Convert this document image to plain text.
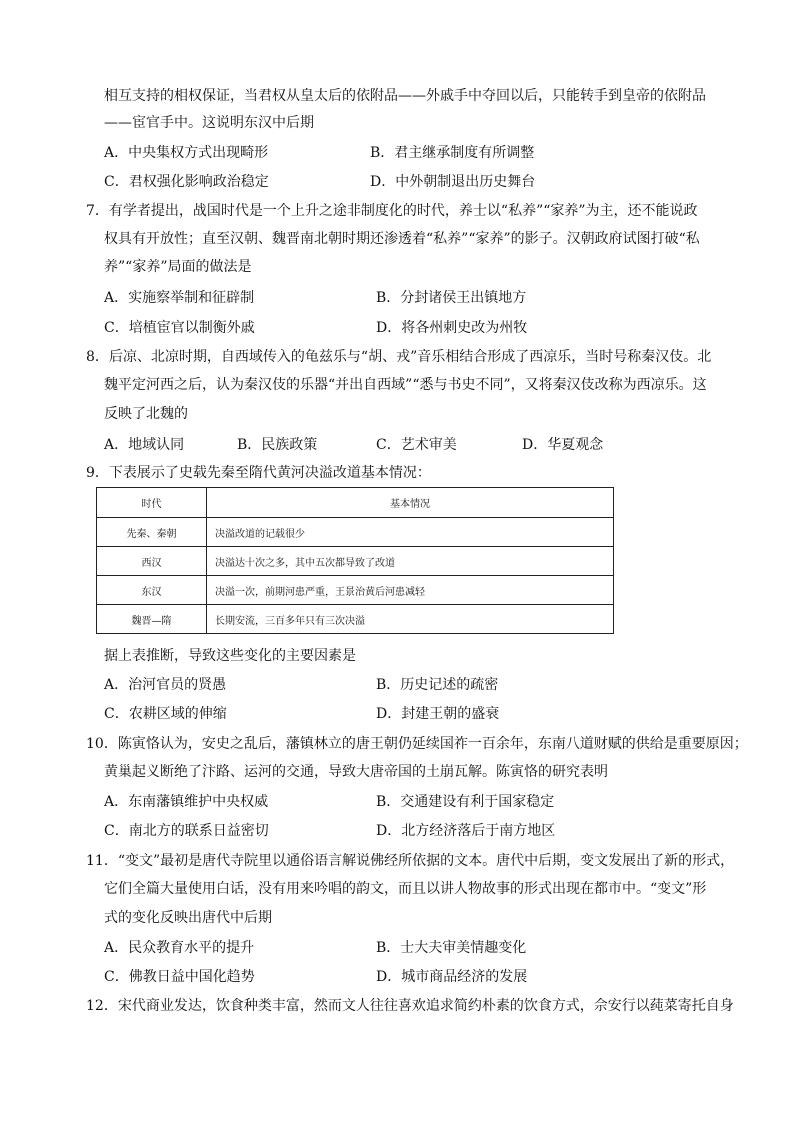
相互支持的相权保证，当君权从皇太后的依附品——外戚手中夺回以后，只能转手到皇帝的依附品
——宦官手中。这说明东汉中后期
A．中央集权方式出现畸形	B．君主继承制度有所调整
C．君权强化影响政治稳定	D．中外朝制退出历史舞台
7．有学者提出，战国时代是一个上升之途非制度化的时代，养士以“私养”“家养”为主，还不能说政
权具有开放性；直至汉朝、魏晋南北朝时期还渗透着“私养”“家养”的影子。汉朝政府试图打破“私
养”“家养”局面的做法是
A．实施察举制和征辟制	B．分封诸侯王出镇地方
C．培植宦官以制衡外戚	D．将各州刺史改为州牧
8．后凉、北凉时期，自西域传入的龟兹乐与“胡、戎”音乐相结合形成了西凉乐，当时号称秦汉伎。北
魏平定河西之后，认为秦汉伎的乐器“并出自西域”“悉与书史不同”，又将秦汉伎改称为西凉乐。这
反映了北魏的
A．地域认同	B．民族政策	C．艺术审美	D．华夏观念
9．下表展示了史载先秦至隋代黄河决溢改道基本情况：
时代	基本情况
先秦、秦朝	决溢改道的记载很少
西汉	决溢达十次之多，其中五次都导致了改道
东汉	决溢一次，前期河患严重，王景治黄后河患减轻
魏晋—隋	长期安流，三百多年只有三次决溢
据上表推断，导致这些变化的主要因素是
A．治河官员的贤愚	B．历史记述的疏密
C．农耕区域的伸缩	D．封建王朝的盛衰
10．陈寅恪认为，安史之乱后，藩镇林立的唐王朝仍延续国祚一百余年，东南八道财赋的供给是重要原因；
黄巢起义断绝了汴路、运河的交通，导致大唐帝国的土崩瓦解。陈寅恪的研究表明
A．东南藩镇维护中央权威	B．交通建设有利于国家稳定
C．南北方的联系日益密切	D．北方经济落后于南方地区
11．“变文”最初是唐代寺院里以通俗语言解说佛经所依据的文本。唐代中后期，变文发展出了新的形式，
它们全篇大量使用白话，没有用来吟唱的韵文，而且以讲人物故事的形式出现在都市中。“变文”形
式的变化反映出唐代中后期
A．民众教育水平的提升	B．士大夫审美情趣变化
C．佛教日益中国化趋势	D．城市商品经济的发展
12．宋代商业发达，饮食种类丰富，然而文人往往喜欢追求简约朴素的饮食方式，佘安行以莼菜寄托自身
